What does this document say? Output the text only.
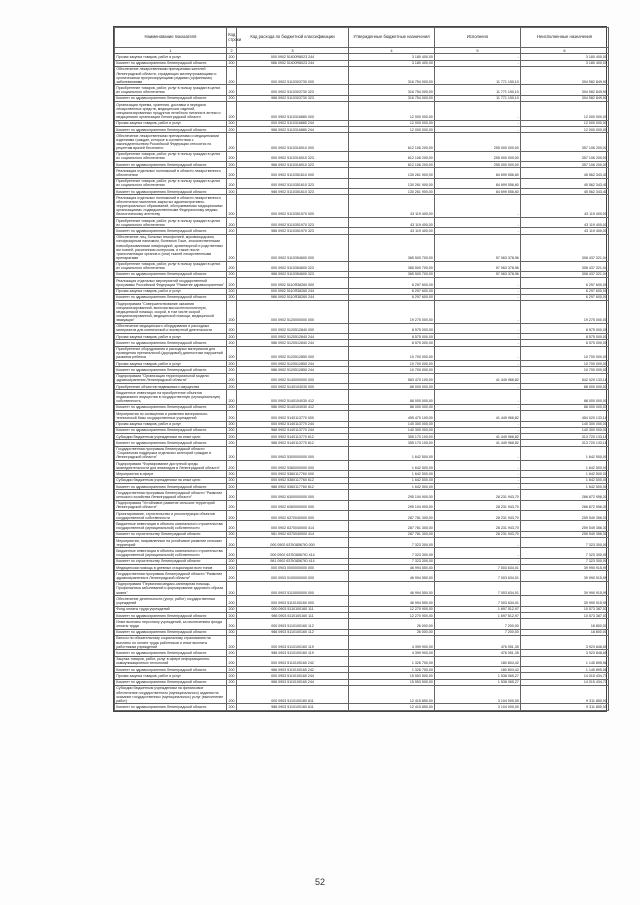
Наименование показателя	Код строки	Код расхода по бюджетной классификации	Утвержденные бюджетные назначения	Исполнено	Неисполненные назначения
1	2	3	4	5	6
Прочая закупка товаров, работ и услуг	200	000 0902 51Ю0R8023 244	3 180 400,00	-	3 180 400,00
Комитет по здравоохранению Ленинградской области	200	986 0902 51Ю0R8023 244	3 180 400,00	-	3 180 400,00
Обеспечение лекарственными препаратами жителей Ленинградской области, страдающих жизнеугрожающими и хроническими прогрессирующими редкими (орфанными) заболеваниями	200	000 0902 5110303730 000	316 754 000,00	11 771 150,10	304 982 849,90
Приобретение товаров, работ, услуг в пользу граждан в целях их социального обеспечения	200	000 0902 5110303730 323	316 754 000,00	11 771 150,10	304 982 849,90
Комитет по здравоохранению Ленинградской области	200	986 0902 5110303730 323	316 754 000,00	11 771 150,10	304 982 849,90
Организация приема, хранения, доставки и передачи лекарственных средств, медицинских изделий, специализированных продуктов лечебного питания в аптеки и медицинские организации Ленинградской области	200	000 0902 5110316880 000	12 000 000,00	-	12 000 000,00
Прочая закупка товаров, работ и услуг	200	000 0902 5110316880 244	12 000 000,00	-	12 000 000,00
Комитет по здравоохранению Ленинградской области	200	986 0902 5110316880 244	12 000 000,00	-	12 000 000,00
Обеспечение лекарственными препаратами и медицинскими изделиями граждан, которые в соответствии с законодательством Российской Федерации относятся по рецептам врачей бесплатно	200	000 0902 5110316910 000	612 106 200,00	255 000 000,00	357 106 200,00
Приобретение товаров, работ, услуг в пользу граждан в целях их социального обеспечения	200	000 0902 5110316910 323	612 106 200,00	255 000 000,00	357 106 200,00
Комитет по здравоохранению Ленинградской области	200	986 0902 5110316910 323	612 106 200,00	255 000 000,00	357 106 200,00
Реализация отдельных полномочий в области лекарственного обеспечения	200	000 0902 5110351610 000	130 261 900,00	84 699 556,60	45 562 343,40
Приобретение товаров, работ, услуг в пользу граждан в целях их социального обеспечения	200	000 0902 5110351610 323	130 261 900,00	84 699 556,60	45 562 343,40
Комитет по здравоохранению Ленинградской области	200	986 0902 5110351610 323	130 261 900,00	84 699 556,60	45 562 343,40
Реализация отдельных полномочий в области лекарственного обеспечения населения закрытых административно-территориальных образований, обслуживаемых медицинскими организациями, подведомственными Федеральному медико-биологическому агентству	200	000 0902 5110351970 000	43 119 400,00	-	43 119 400,00
Приобретение товаров, работ, услуг в пользу граждан в целях их социального обеспечения	200	000 0902 5110351970 323	43 119 400,00	-	43 119 400,00
Комитет по здравоохранению Ленинградской области	200	986 0902 5110351970 323	43 119 400,00	-	43 119 400,00
Обеспечение лиц, больных гемофилией, муковисцидозом, гипофизарным нанизмом, болезнью Гоше, злокачественными новообразованиями лимфоидной, кроветворной и родственных им тканей, рассеянным склерозом, а также после трансплантации органов и (или) тканей лекарственными препаратами	200	000 0902 5110354600 000	365 500 700,00	57 063 378,96	308 437 321,04
Приобретение товаров, работ, услуг в пользу граждан в целях их социального обеспечения	200	000 0902 5110354600 323	365 500 700,00	57 063 378,96	308 437 321,04
Комитет по здравоохранению Ленинградской области	200	986 0902 5110354600 323	365 500 700,00	57 063 378,96	308 437 321,04
Реализация отдельных мероприятий государственной программы Российской Федерации "Развитие здравоохранения"	200	000 0902 5110Я38260 000	6 297 600,00	-	6 297 600,00
Прочая закупка товаров, работ и услуг	200	000 0902 5110Я38260 244	6 297 600,00	-	6 297 600,00
Комитет по здравоохранению Ленинградской области	200	986 0902 5110Я38260 244	6 297 600,00	-	6 297 600,00
Подпрограмма "Совершенствование оказания специализированной, включая высокотехнологичную, медицинской помощи, скорой, в том числе скорой специализированной, медицинской помощи, медицинской эвакуации"	200	000 0902 5120000000 000	19 275 000,00	-	19 275 000,00
Обеспечение медицинского оборудования и расходных материалов для клинической и экспертной деятельности	200	000 0902 5120512840 000	8 575 000,00	-	8 575 000,00
Прочая закупка товаров, работ и услуг	200	000 0902 5120512840 244	8 575 000,00	-	8 575 000,00
Комитет по здравоохранению Ленинградской области	200	986 0902 5120512840 244	8 575 000,00	-	8 575 000,00
Приобретение оборудования и расходных материалов для проведения пренатальной (дородовой) диагностики нарушений развития ребенка	200	000 0902 5120512850 000	10 700 000,00	-	10 700 000,00
Прочая закупка товаров, работ и услуг	200	000 0902 5120512850 244	10 700 000,00	-	10 700 000,00
Комитет по здравоохранению Ленинградской области	200	986 0902 5120512850 244	10 700 000,00	-	10 700 000,00
Подпрограмма "Организация территориальной модели здравоохранения Ленинградской области"	200	000 0902 5140000000 000	583 470 100,00	41 449 966,82	542 020 133,18
Приобретение объектов недвижимого имущества	200	000 0902 5140104030 000	88 000 000,00	-	88 000 000,00
Бюджетные инвестиции на приобретение объектов недвижимого имущества в государственную (муниципальную) собственность	200	000 0902 5140104030 412	88 000 000,00	-	88 000 000,00
Комитет по здравоохранению Ленинградской области	200	986 0902 5140104030 412	88 000 000,00	-	88 000 000,00
Мероприятия по оснащению и развитию материально-технической базы государственных учреждений	200	000 0902 5140113770 000	495 470 100,00	41 449 966,82	454 020 133,18
Прочая закупка товаров, работ и услуг	200	000 0902 5140113770 244	140 300 000,00	-	140 300 000,00
Комитет по здравоохранению Ленинградской области	200	986 0902 5140113770 244	140 300 000,00	-	140 300 000,00
Субсидии бюджетным учреждениям на иные цели	200	000 0902 5140113770 612	355 170 100,00	41 449 966,82	313 720 133,18
Комитет по здравоохранению Ленинградской области	200	986 0902 5140113770 612	355 170 100,00	41 449 966,82	313 720 133,18
Государственная программа Ленинградской области "Социальная поддержка отдельных категорий граждан в Ленинградской области"	200	000 0902 5300000000 000	1 642 500,00	-	1 642 500,00
Подпрограмма "Формирование доступной среды жизнедеятельности для инвалидов в Ленинградской области"	200	000 0902 5360000000 000	1 642 500,00	-	1 642 500,00
Мероприятия в сфере	200	000 0902 5360117760 000	1 642 500,00	-	1 642 500,00
Субсидии бюджетным учреждениям на иные цели	200	000 0902 5360117760 612	1 642 500,00	-	1 642 500,00
Комитет по здравоохранению Ленинградской области	200	986 0902 5360117760 612	1 642 500,00	-	1 642 500,00
Государственная программа Ленинградской области "Развитие сельского хозяйства Ленинградской области"	200	000 0902 6300000000 000	295 104 900,00	28 231 943,70	266 872 956,30
Подпрограмма "Устойчивое развитие сельских территорий Ленинградской области"	200	000 0902 6360000000 000	295 104 900,00	28 231 943,70	266 872 956,30
Проектирование, строительство и реконструкция объектов государственной собственности	200	000 0902 6370040000 000	287 781 300,00	28 231 943,70	259 549 356,30
Бюджетные инвестиции в объекты капитального строительства государственной (муниципальной) собственности	200	000 0902 6370040000 414	287 781 300,00	28 231 943,70	259 549 356,30
Комитет по строительству Ленинградской области	200	981 0902 6370040000 414	287 781 300,00	28 231 943,70	259 549 356,30
Мероприятия, направленные на устойчивое развитие сельских территорий	200	000 0902 637Ю8567Ю 000	7 323 300,00	-	7 323 300,00
Бюджетные инвестиции в объекты капитального строительства государственной (муниципальной) собственности	200	000 0902 637Ю8567Ю 414	7 323 300,00	-	7 323 300,00
Комитет по строительству Ленинградской области	200	981 0902 637Ю8567Ю 414	7 323 300,00	-	7 323 300,00
Медицинская помощь в дневных стационарах всех типов	200	000 0903 0000000000 000	46 994 550,00	7 003 634,01	39 990 915,99
Государственная программа Ленинградской области "Развитие здравоохранения в Ленинградской области"	200	000 0903 5100000000 000	46 994 550,00	7 003 634,01	39 990 915,99
Подпрограмма "Первичная медико-санитарная помощь. Профилактика заболеваний и формирование здорового образа жизни"	200	000 0903 5110000000 000	46 994 550,00	7 003 634,01	39 990 915,99
Обеспечение деятельности (услуг, работ) государственных учреждений	200	000 0903 5110100160 000	46 994 550,00	7 003 634,01	39 990 915,99
Фонд оплаты труда учреждений	200	000 0903 5110100160 111	12 270 900,00	1 697 512,97	10 573 387,03
Комитет по здравоохранению Ленинградской области	200	986 0903 5110100160 111	12 270 900,00	1 697 512,97	10 573 387,03
Иные выплаты персоналу учреждений, за исключением фонда оплаты труда	200	000 0903 5110100160 112	26 000,00	7 200,00	18 800,00
Комитет по здравоохранению Ленинградской области	200	986 0903 5110100160 112	26 000,00	7 200,00	18 800,00
Взносы по обязательному социальному страхованию на выплаты по оплате труда работников и иные выплаты работникам учреждений	200	000 0903 5110100160 119	4 399 900,00	476 051,35	3 923 848,65
Комитет по здравоохранению Ленинградской области	200	986 0903 5110100160 119	4 399 900,00	476 051,35	3 923 848,65
Закупка товаров, работ, услуг в сфере информационно-коммуникационных технологий	200	000 0903 5110100160 242	1 326 700,00	180 804,42	1 145 895,58
Комитет по здравоохранению Ленинградской области	200	986 0903 5110100160 242	1 326 700,00	180 804,42	1 145 895,58
Прочая закупка товаров, работ и услуг	200	000 0903 5110100160 244	15 553 500,00	1 538 065,27	14 015 434,73
Комитет по здравоохранению Ленинградской области	200	986 0903 5110100160 244	15 553 500,00	1 538 065,27	14 015 434,73
Субсидии бюджетным учреждениям на финансовое обеспечение государственного (муниципального) задания на оказание государственных (муниципальных) услуг (выполнение работ)	200	000 0903 5110100160 611	12 415 850,00	3 104 000,00	9 311 850,00
Комитет по здравоохранению Ленинградской области	200	986 0903 5110100160 611	12 415 850,00	3 104 000,00	9 311 850,00
52
